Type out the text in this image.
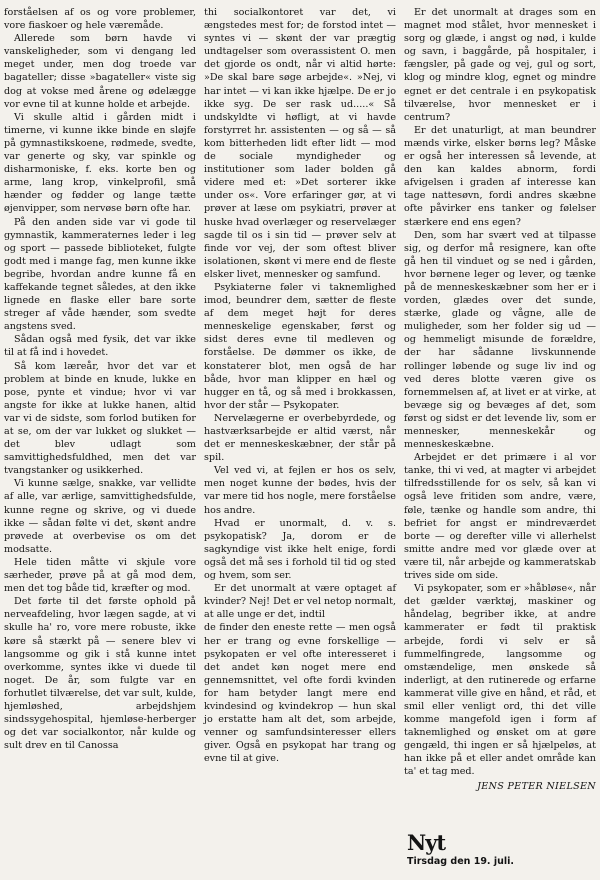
forståelsen af os og vore problemer, vore fiaskoer og hele væremåde.

Allerede som børn havde vi vanskeligheder, som vi dengang led meget under, men dog troede var bagateller; disse »bagateller« viste sig dog at vokse med årene og ødelægge vor evne til at kunne holde et arbejde.

Vi skulle altid i gården midt i timerne, vi kunne ikke binde en sløjfe på gymnastikskoene, rødmede, svedte, var generte og sky, var spinkle og disharmoniske, f. eks. korte ben og arme, lang krop, vinkelprofil, små hænder og fødder og lange tætte øjenvipper, som nervøse børn ofte har.

På den anden side var vi gode til gymnastik, kammeraternes leder i leg og sport — passede biblioteket, fulgte godt med i mange fag, men kunne ikke begribe, hvordan andre kunne få en kaffekande tegnet således, at den ikke lignede en flaske eller bare sorte streger af våde hænder, som svedte angstens sved.

Sådan også med fysik, det var ikke til at få ind i hovedet.

Så kom læreår, hvor det var et problem at binde en knude, lukke en pose, pynte et vindue; hvor vi var angste for ikke at lukke hanen, altid var vi de sidste, som forlod butiken for at se, om der var lukket og slukket — det blev udlagt som samvittighedsfuldhed, men det var tvangstanker og usikkerhed.

Vi kunne sælge, snakke, var vellidte af alle, var ærlige, samvittighedsfulde, kunne regne og skrive, og vi duede ikke — sådan følte vi det, skønt andre prøvede at overbevise os om det modsatte.

Hele tiden måtte vi skjule vore særheder, prøve på at gå mod dem, men det tog både tid, kræfter og mod.

Det førte til det første ophold på nerveafdeling, hvor lægen sagde, at vi skulle ha' ro, vore mere robuste, ikke køre så stærkt på — senere blev vi langsomme og gik i stå kunne intet overkomme, syntes ikke vi duede til noget. De år, som fulgte var en forhutlet tilværelse, det var sult, kulde, hjemløshed, arbejdshjem sindssygehospital, hjemløse-herberger og det var socialkontor, når kulde og sult drev en til Canossa

thi socialkontoret var det, vi ængstedes mest for; de forstod intet — syntes vi — skønt der var prægtig undtagelser som overassistent O. men det gjorde os ondt, når vi altid hørte: »De skal bare søge arbejde«. »Nej, vi har intet — vi kan ikke hjælpe. De er jo ikke syg. De ser rask ud.....« Så undskyldte vi høfligt, at vi havde forstyrret hr. assistenten — og så — så kom bitterheden lidt efter lidt — mod de sociale myndigheder og institutioner som lader bolden gå videre med et: »Det sorterer ikke under os«. Vore erfaringer gør, at vi prøver at læse om psykiatri, prøver at huske hvad overlæger og reservelæger sagde til os i sin tid — prøver selv at finde vor vej, der som oftest bliver isolationen, skønt vi mere end de fleste elsker livet, mennesker og samfund.

Psykiaterne føler vi taknemlighed imod, beundrer dem, sætter de fleste af dem meget højt for deres menneskelige egenskaber, først og sidst deres evne til medleven og forståelse. De dømmer os ikke, de konstaterer blot, men også de har både, hvor man klipper en hæl og hugger en tå, og så med i brokkassen, hvor der står — Psykopater.

Nervelægerne er overbebyrdede, og hastværksarbejde er altid værst, når det er menneskeskæbner, der står på spil.

Vel ved vi, at fejlen er hos os selv, men noget kunne der bødes, hvis der var mere tid hos nogle, mere forståelse hos andre.

Hvad er unormalt, d. v. s. psykopatisk? Ja, dorom er de sagkyndige vist ikke helt enige, fordi også det må ses i forhold til tid og sted og hvem, som ser.

Er det unormalt at være optaget af kvinder? Nej! Det er vel netop normalt, at alle unge er det, indtil

de finder den eneste rette — men også her er trang og evne forskellige — psykopaten er vel ofte interesseret i det andet køn noget mere end gennemsnittet, vel ofte fordi kvinden for ham betyder langt mere end kvindesind og kvindekrop — hun skal jo erstatte ham alt det, som arbejde, venner og samfundsinteresser ellers giver. Også en psykopat har trang og evne til at give.

Er det unormalt at drages som en magnet mod stålet, hvor mennesket i sorg og glæde, i angst og nød, i kulde og savn, i baggårde, på hospitaler, i fængsler, på gade og vej, gul og sort, klog og mindre klog, egnet og mindre egnet er det centrale i en psykopatisk tilværelse, hvor mennesket er i centrum?

Er det unaturligt, at man beundrer mænds virke, elsker børns leg? Måske er også her interessen så levende, at den kan kaldes abnorm, fordi afvigelsen i graden af interesse kan tage nattesøvn, fordi andres skæbne ofte påvirker ens tanker og følelser stærkere end ens egen?

Den, som har svært ved at tilpasse sig, og derfor må resignere, kan ofte gå hen til vinduet og se ned i gården, hvor børnene leger og lever, og tænke på de menneskeskæbner som her er i vorden, glædes over det sunde, stærke, glade og vågne, alle de muligheder, som her folder sig ud — og hemmeligt misunde de forældre, der har sådanne livskunnende rollinger løbende og suge liv ind og ved deres blotte væren give os fornemmelsen af, at livet er at virke, at bevæge sig og bevæges af det, som først og sidst er det levende liv, som er mennesker, menneskekår og menneskeskæbne.

Arbejdet er det primære i al vor tanke, thi vi ved, at magter vi arbejdet tilfredsstillende for os selv, så kan vi også leve fritiden som andre, være, føle, tænke og handle som andre, thi befriet for angst er mindreværdet borte — og derefter ville vi allerhelst smitte andre med vor glæde over at være til, når arbejde og kammeratskab trives side om side.

Vi psykopater, som er »håbløse«, når det gælder værktøj, maskiner og håndelag, begriber ikke, at andre kammerater er født til praktisk arbejde, fordi vi selv er så fummelfingrede, langsomme og omstændelige, men ønskede så inderligt, at den rutinerede og erfarne kammerat ville give en hånd, et råd, et smil eller venligt ord, thi det ville komme mangefold igen i form af taknemlighed og ønsket om at gøre gengæld, thi ingen er så hjælpeløs, at han ikke på et eller andet område kan ta' et tag med.

JENS PETER NIELSEN
Nyt
Tirsdag den 19. juli.
